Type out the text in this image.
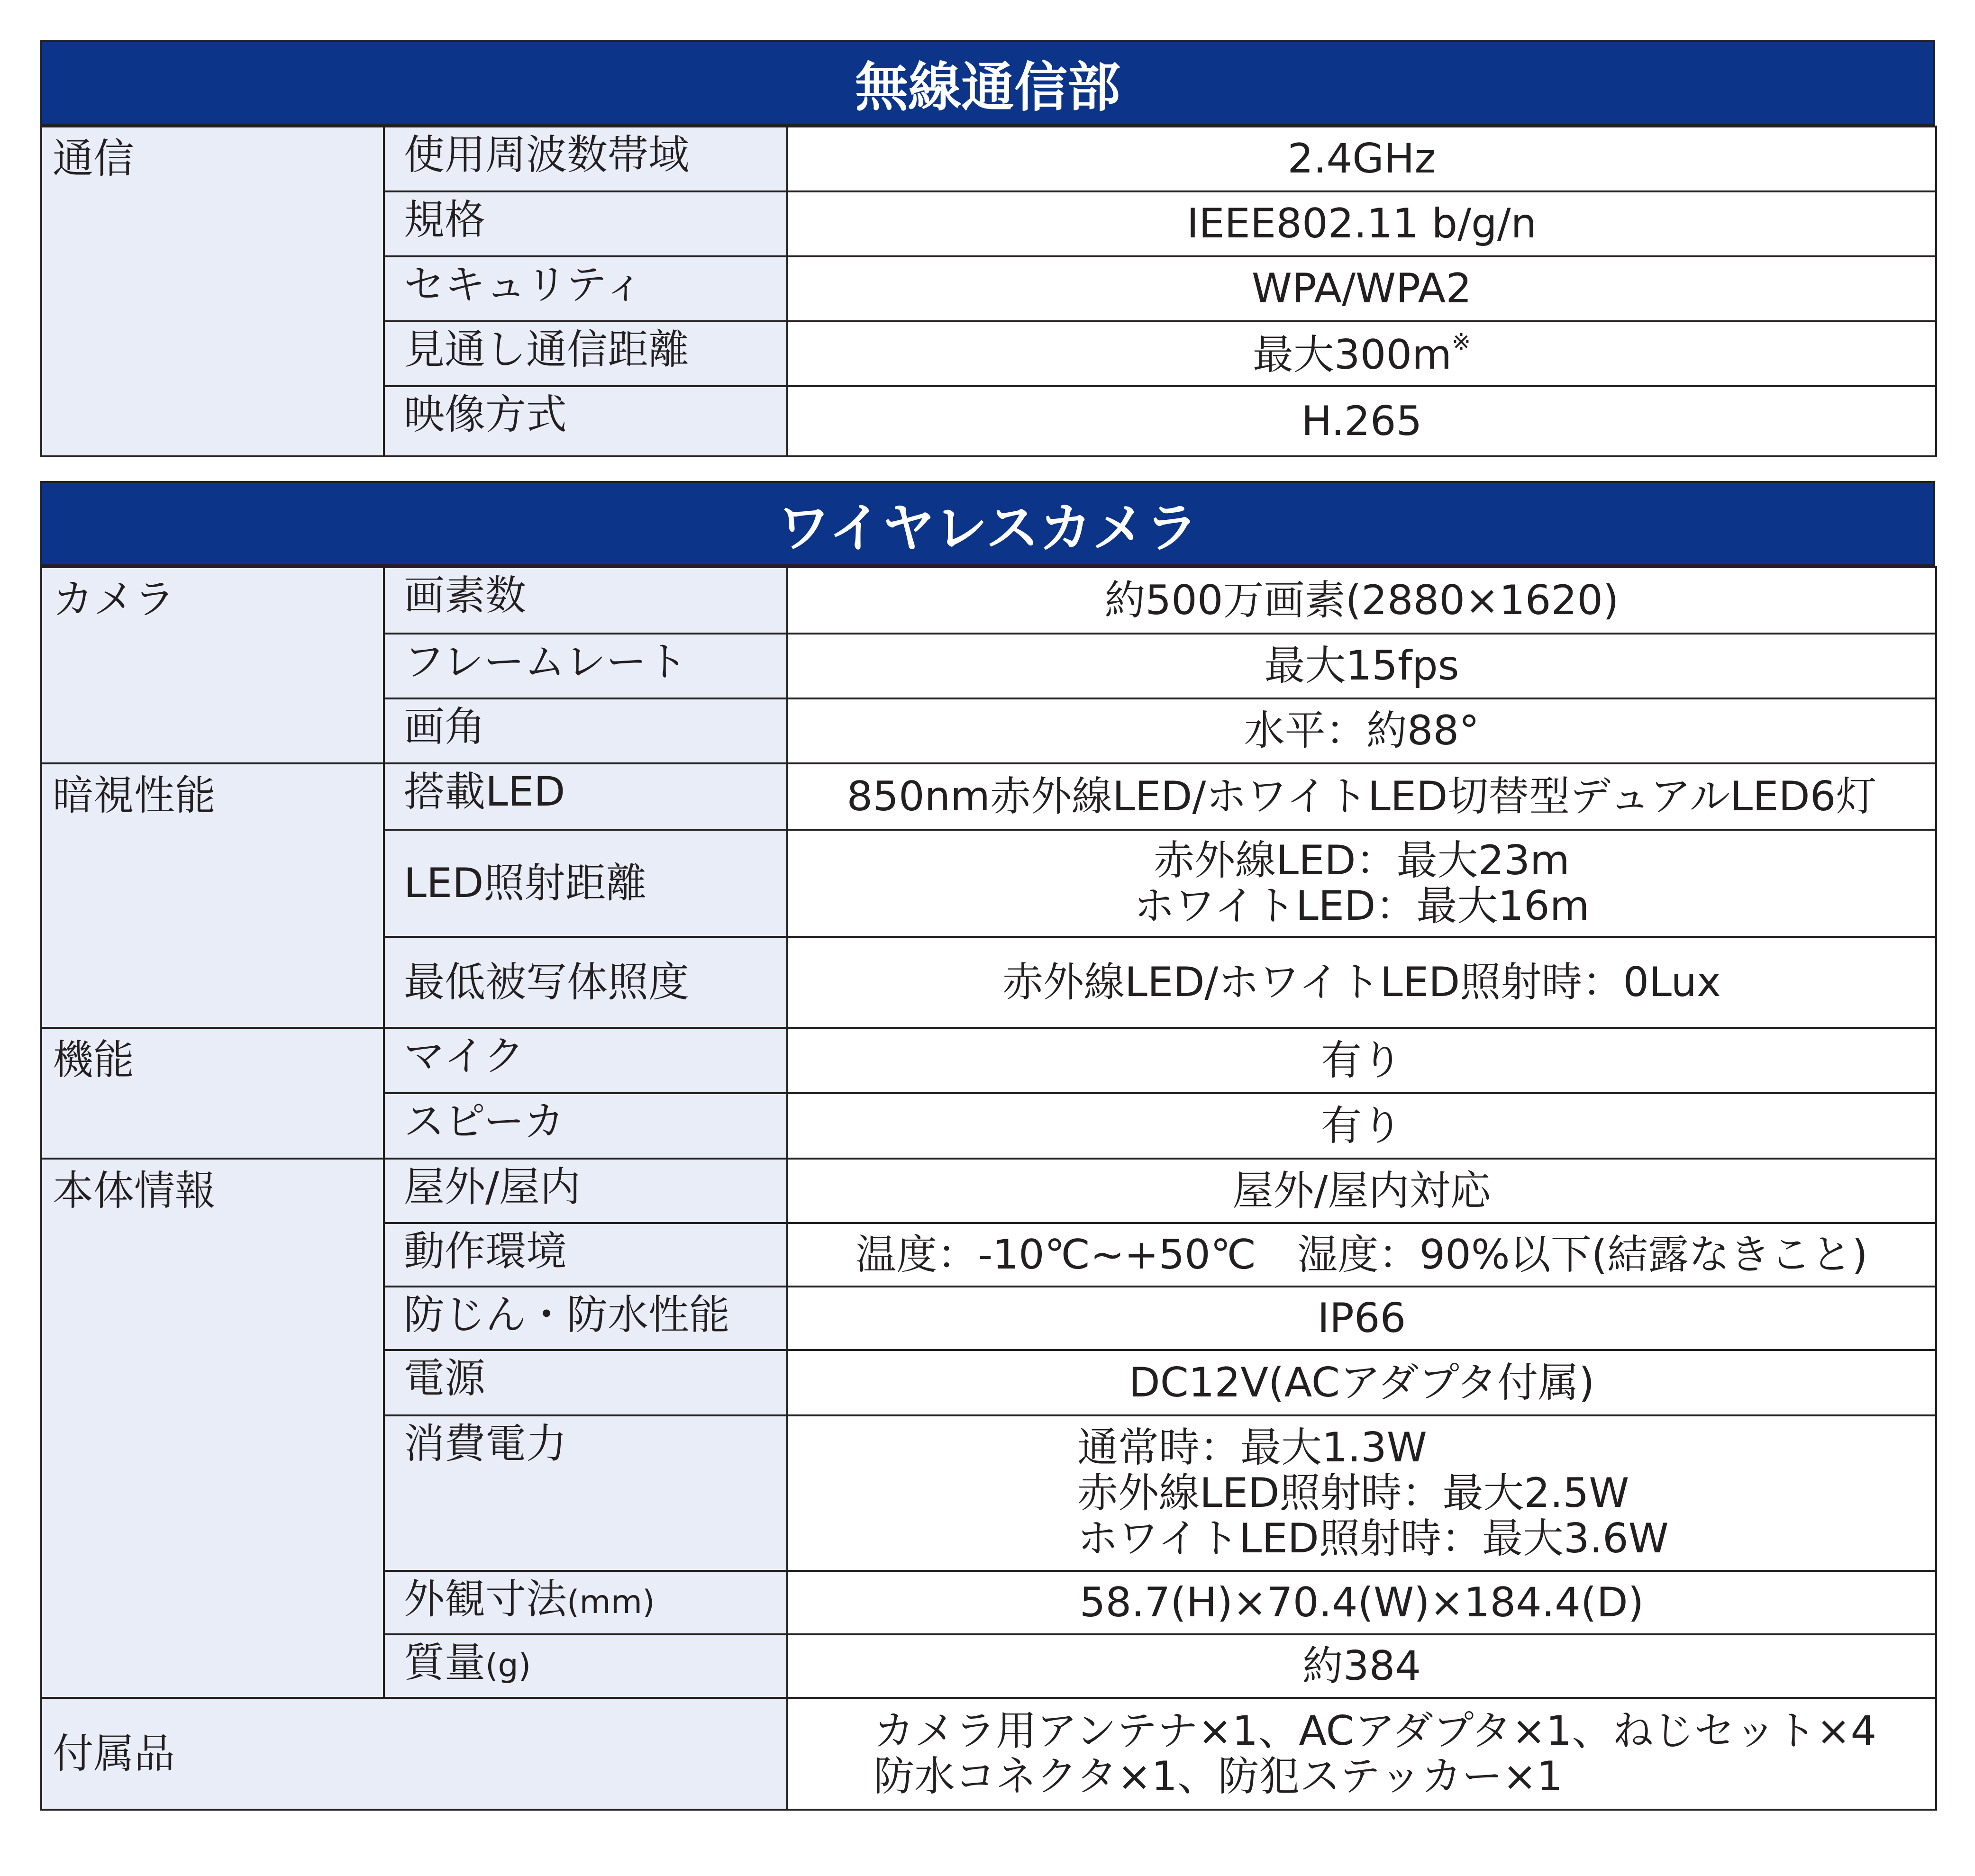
無線通信部
通信	使用周波数帯域	2.4GHz
	規格	IEEE802.11 b/g/n
	セキュリティ	WPA/WPA2
	見通し通信距離	最大300m※
	映像方式	H.265
ワイヤレスカメラ
カメラ	画素数	約500万画素(2880×1620)
	フレームレート	最大15fps
	画角	水平：約88°
暗視性能	搭載LED	850nm赤外線LED/ホワイトLED切替型デュアルLED6灯
	LED照射距離	赤外線LED：最大23m
ホワイトLED：最大16m

	最低被写体照度	赤外線LED/ホワイトLED照射時：0Lux
機能	マイク	有り
	スピーカ	有り
本体情報	屋外/屋内	屋外/屋内対応
	動作環境	温度：-10℃~+50℃　湿度：90%以下(結露なきこと)
	防じん・防水性能	IP66
	電源	DC12V(ACアダプタ付属)
	消費電力	通常時：最大1.3W
赤外線LED照射時：最大2.5W
ホワイトLED照射時：最大3.6W

	外観寸法(mm)	58.7(H)×70.4(W)×184.4(D)
	質量(g)	約384
付属品		カメラ用アンテナ×1、ACアダプタ×1、ねじセット×4
防水コネクタ×1、防犯ステッカー×1
